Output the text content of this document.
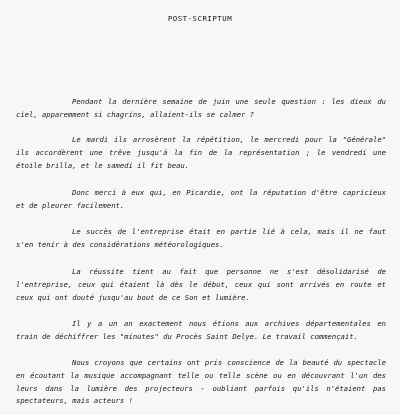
POST-SCRIPTUM

Pendant la dernière semaine de juin une seule question : les dieux du ciel, apparemment si chagrins, allaient-ils se calmer ?

Le mardi ils arrosèrent la répétition, le mercredi pour la "Générale" ils accordèrent une trêve jusqu'à la fin de la représentation ; le vendredi une étoile brilla, et le samedi il fit beau.

Donc merci à eux qui, en Picardie, ont la réputation d'être capricieux et de pleurer facilement.

Le succès de l'entreprise était en partie lié à cela, mais il ne faut s'en tenir à des considérations météorologiques.

La réussite tient au fait que personne ne s'est désolidarisé de l'entreprise, ceux qui étaient là dès le début, ceux qui sont arrivés en route et ceux qui ont douté jusqu'au bout de ce Son et lumière.

Il y a un an exactement nous étions aux archives départementales en train de déchiffrer les "minutes" du Procès Saint Delye. Le travail commençait.

Nous croyons que certains ont pris conscience de la beauté du spectacle en écoutant la musique accompagnant telle ou telle scène ou en découvrant l'un des leurs dans la lumière des projecteurs - oubliant parfois qu'ils n'étaient pas spectateurs, mais acteurs !
